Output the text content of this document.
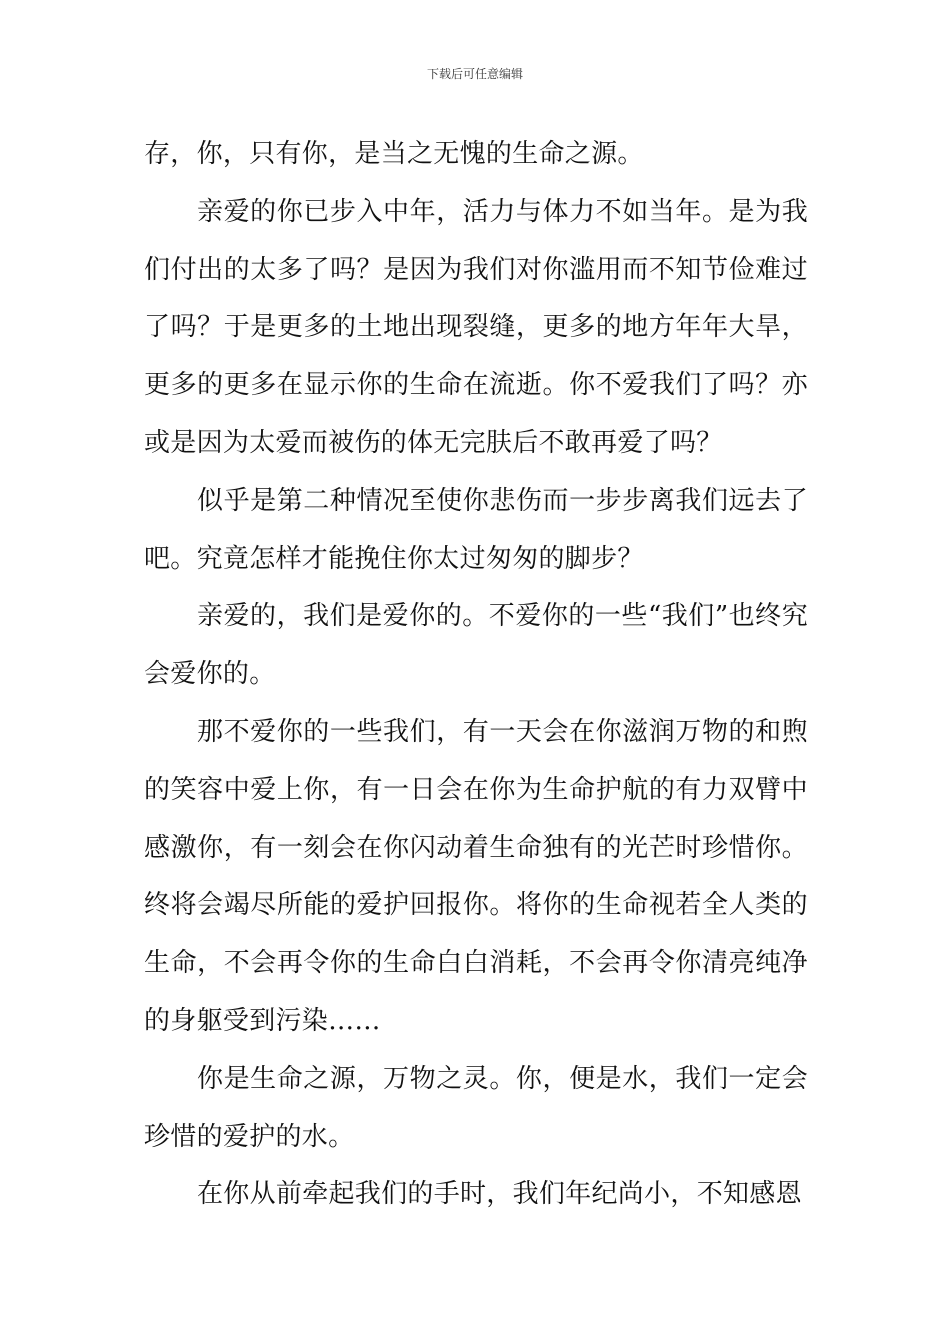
下载后可任意编辑

存，你，只有你，是当之无愧的生命之源。

亲爱的你已步入中年，活力与体力不如当年。是为我们付出的太多了吗？是因为我们对你滥用而不知节俭难过了吗？于是更多的土地出现裂缝，更多的地方年年大旱，更多的更多在显示你的生命在流逝。你不爱我们了吗？亦或是因为太爱而被伤的体无完肤后不敢再爱了吗？

似乎是第二种情况至使你悲伤而一步步离我们远去了吧。究竟怎样才能挽住你太过匆匆的脚步？

亲爱的，我们是爱你的。不爱你的一些“我们”也终究会爱你的。

那不爱你的一些我们，有一天会在你滋润万物的和煦的笑容中爱上你，有一日会在你为生命护航的有力双臂中感激你，有一刻会在你闪动着生命独有的光芒时珍惜你。终将会竭尽所能的爱护回报你。将你的生命视若全人类的生命，不会再令你的生命白白消耗，不会再令你清亮纯净的身躯受到污染……

你是生命之源，万物之灵。你，便是水，我们一定会珍惜的爱护的水。

在你从前牵起我们的手时，我们年纪尚小，不知感恩
